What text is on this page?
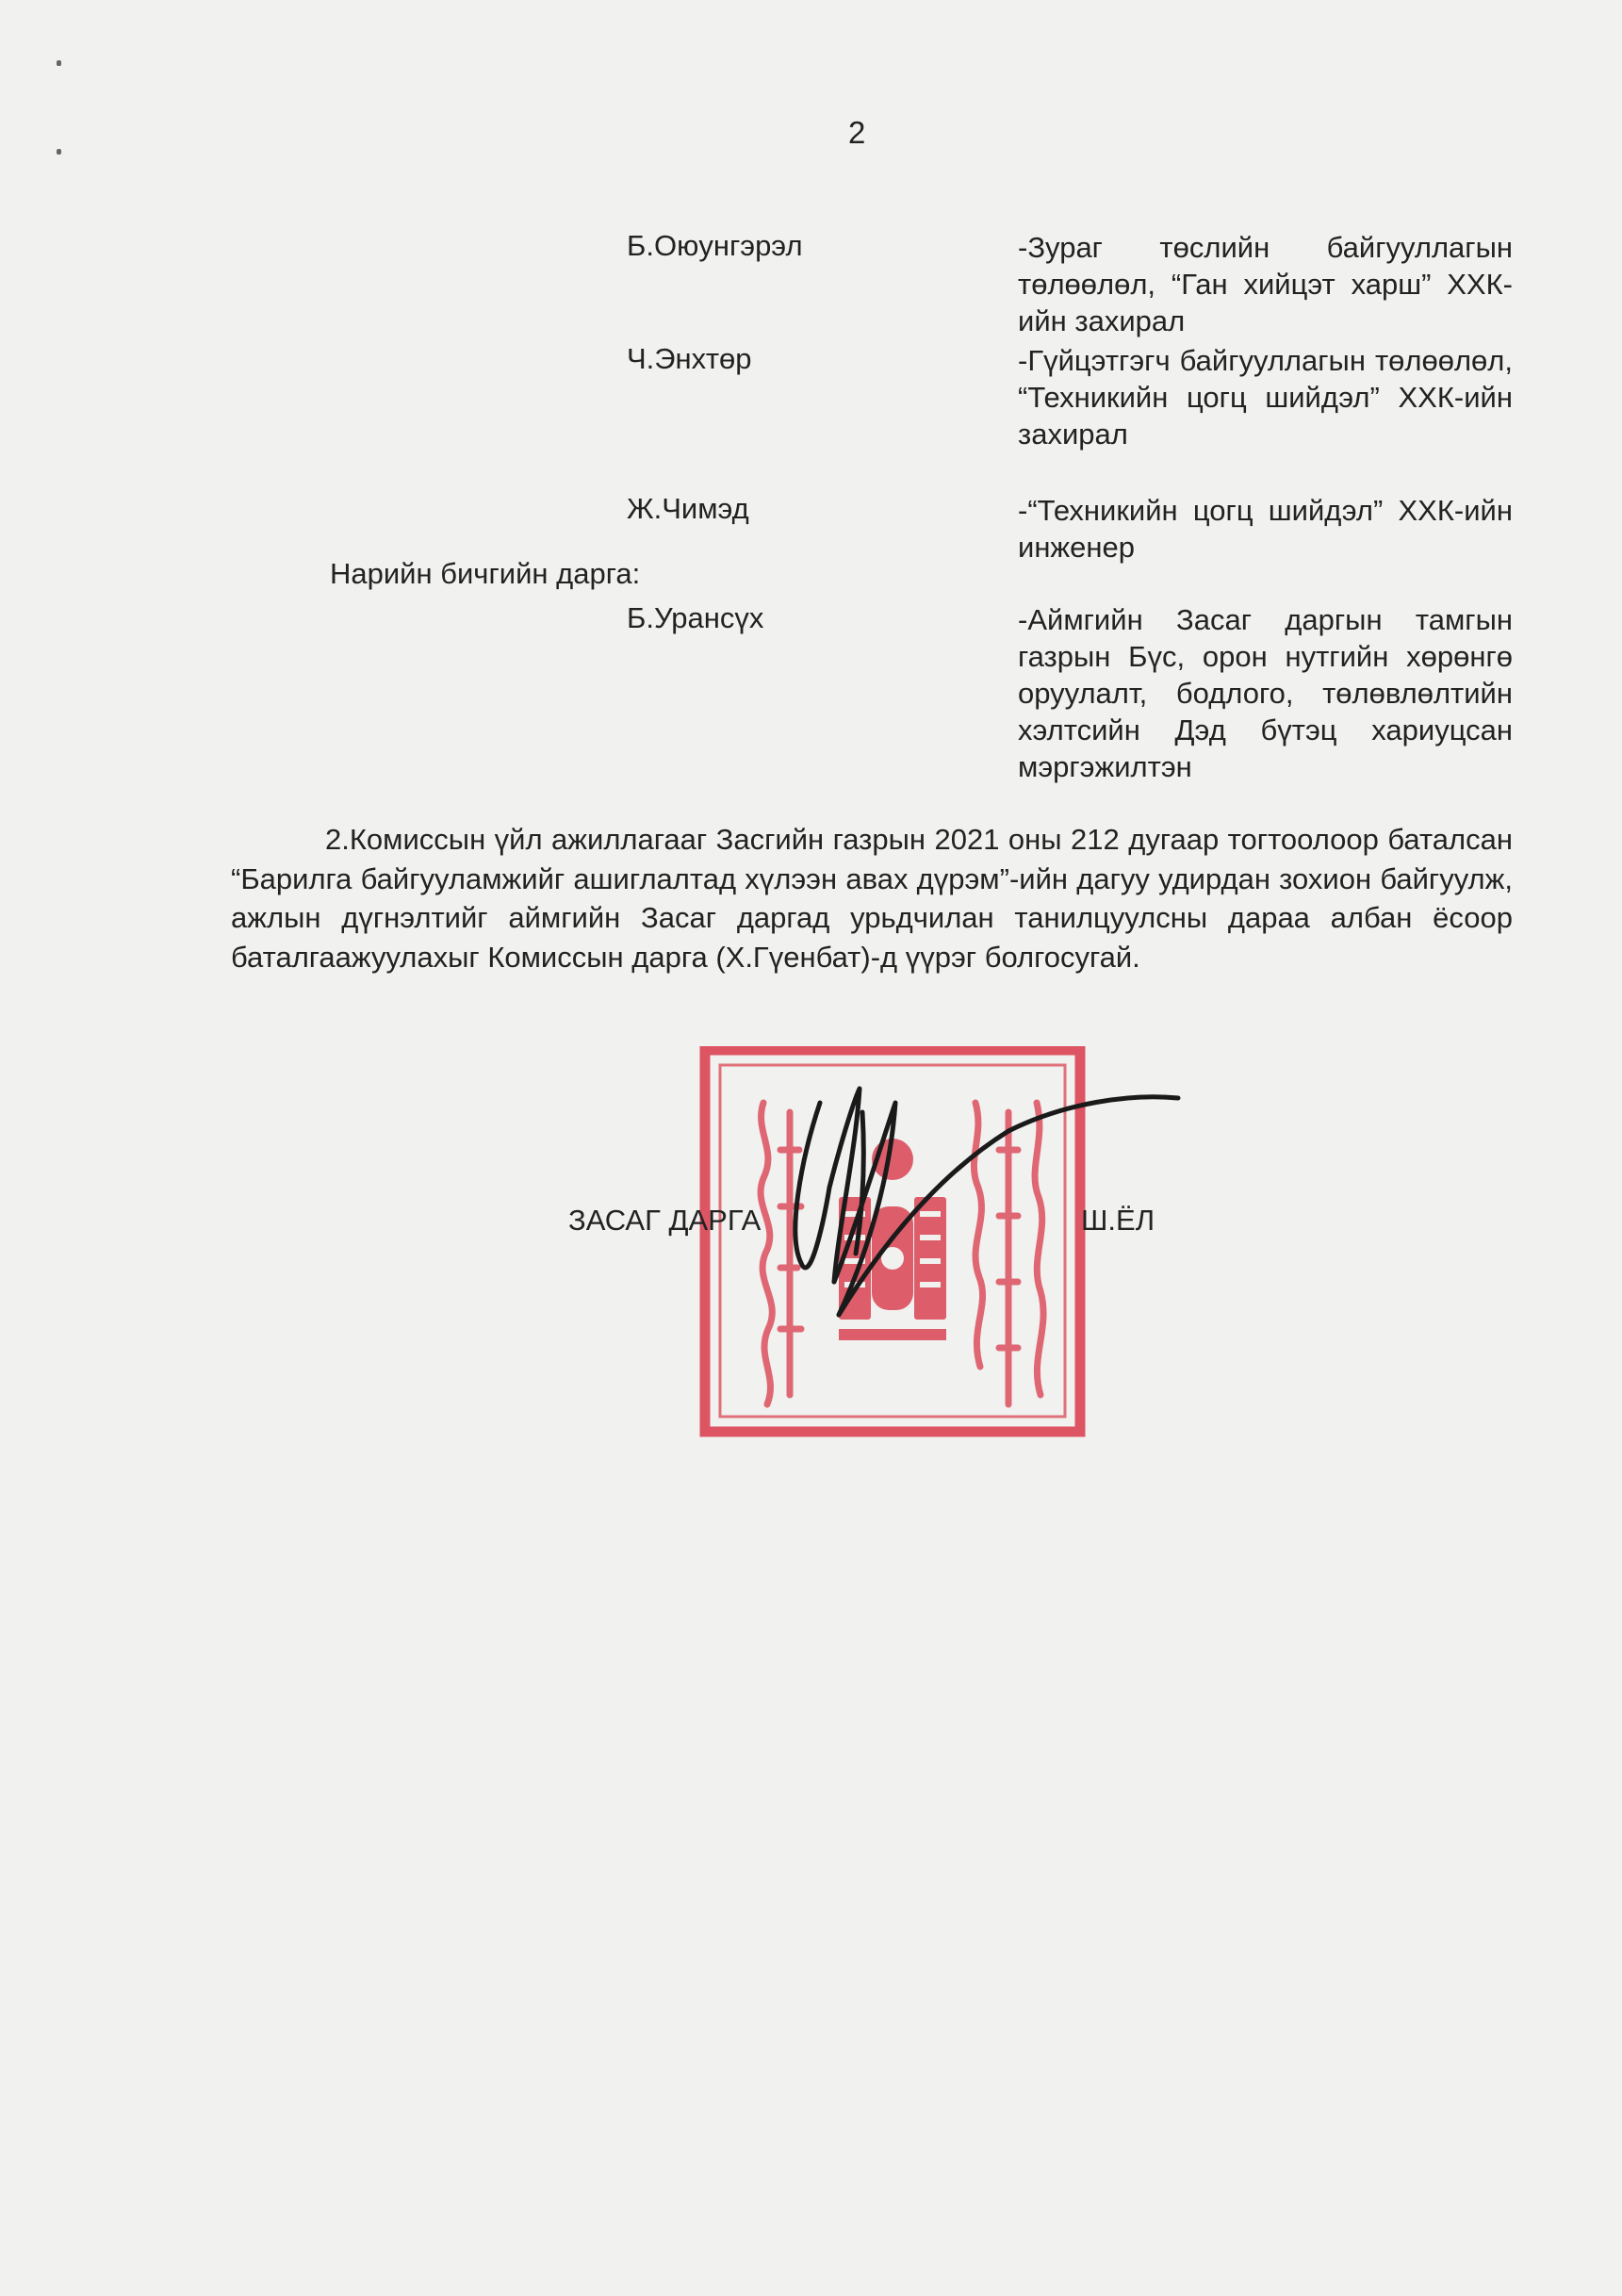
2
Б.Оюунгэрэл	-Зураг төслийн байгууллагын төлөөлөл, “Ган хийцэт харш” ХХК-ийн захирал
Ч.Энхтөр	-Гүйцэтгэгч байгууллагын төлөөлөл, “Техникийн цогц шийдэл” ХХК-ийн захирал
Ж.Чимэд	-“Техникийн цогц шийдэл” ХХК-ийн инженер
Нарийн бичгийн дарга:
Б.Урансүх	-Аймгийн Засаг даргын тамгын газрын Бүс, орон нутгийн хөрөнгө оруулалт, бодлого, төлөвлөлтийн хэлтсийн Дэд бүтэц хариуцсан мэргэжилтэн
2.Комиссын үйл ажиллагааг Засгийн газрын 2021 оны 212 дугаар тогтоолоор баталсан “Барилга байгууламжийг ашиглалтад хүлээн авах дүрэм”-ийн дагуу удирдан зохион байгуулж, ажлын дүгнэлтийг аймгийн Засаг даргад урьдчилан танилцуулсны дараа албан ёсоор баталгаажуулахыг Комиссын дарга (Х.Гүенбат)-д үүрэг болгосугай.
ЗАСАГ ДАРГА	Ш.ЁЛ
